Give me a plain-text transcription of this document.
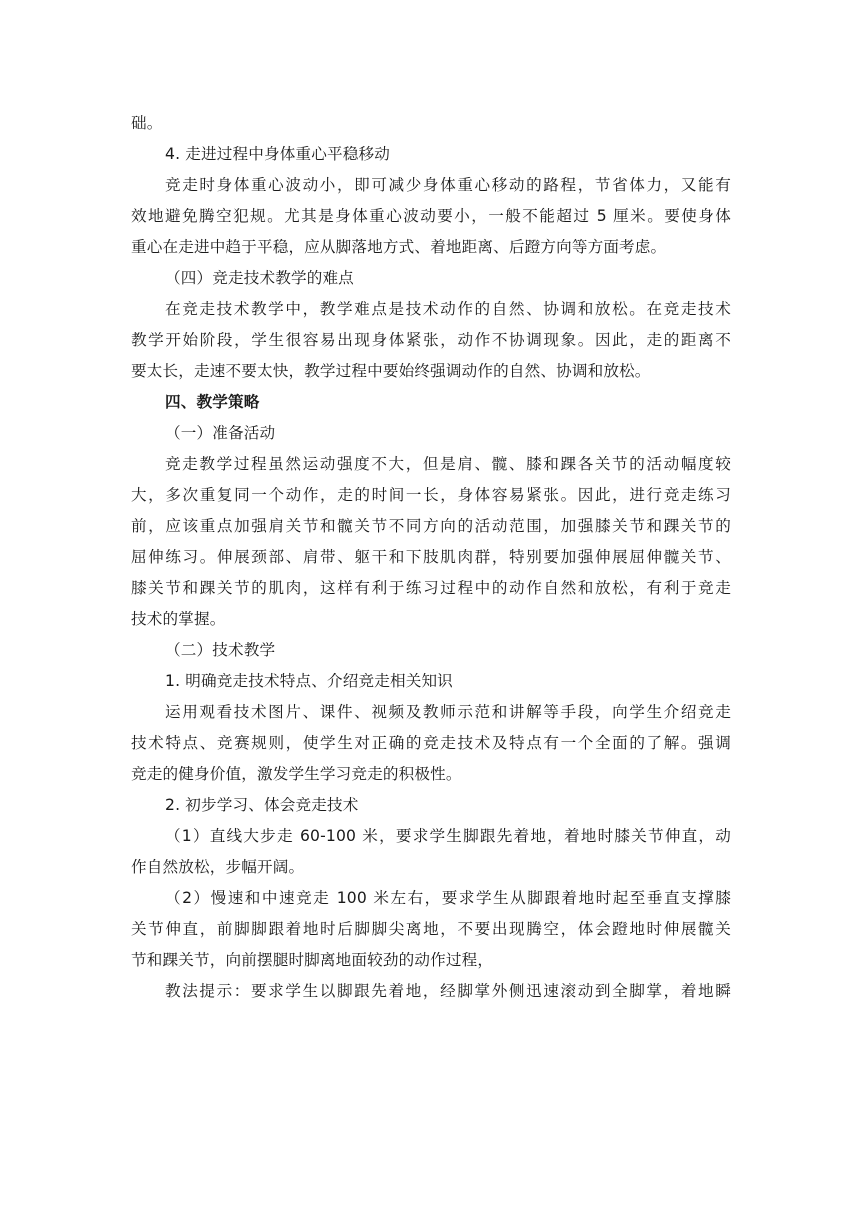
础。
4. 走进过程中身体重心平稳移动
竞走时身体重心波动小，即可减少身体重心移动的路程，节省体力，又能有
效地避免腾空犯规。尤其是身体重心波动要小，一般不能超过 5 厘米。要使身体
重心在走进中趋于平稳，应从脚落地方式、着地距离、后蹬方向等方面考虑。
（四）竞走技术教学的难点
在竞走技术教学中，教学难点是技术动作的自然、协调和放松。在竞走技术
教学开始阶段，学生很容易出现身体紧张，动作不协调现象。因此，走的距离不
要太长，走速不要太快，教学过程中要始终强调动作的自然、协调和放松。
四、教学策略
（一）准备活动
竞走教学过程虽然运动强度不大，但是肩、髋、膝和踝各关节的活动幅度较
大，多次重复同一个动作，走的时间一长，身体容易紧张。因此，进行竞走练习
前，应该重点加强肩关节和髋关节不同方向的活动范围，加强膝关节和踝关节的
屈伸练习。伸展颈部、肩带、躯干和下肢肌肉群，特别要加强伸展屈伸髋关节、
膝关节和踝关节的肌肉，这样有利于练习过程中的动作自然和放松，有利于竞走
技术的掌握。
（二）技术教学
1. 明确竞走技术特点、介绍竞走相关知识
运用观看技术图片、课件、视频及教师示范和讲解等手段，向学生介绍竞走
技术特点、竞赛规则，使学生对正确的竞走技术及特点有一个全面的了解。强调
竞走的健身价值，激发学生学习竞走的积极性。
2. 初步学习、体会竞走技术
（1）直线大步走 60-100 米，要求学生脚跟先着地，着地时膝关节伸直，动
作自然放松，步幅开阔。
（2）慢速和中速竞走 100 米左右，要求学生从脚跟着地时起至垂直支撑膝
关节伸直，前脚脚跟着地时后脚脚尖离地，不要出现腾空，体会蹬地时伸展髋关
节和踝关节，向前摆腿时脚离地面较劲的动作过程，
教法提示：要求学生以脚跟先着地，经脚掌外侧迅速滚动到全脚掌，着地瞬
